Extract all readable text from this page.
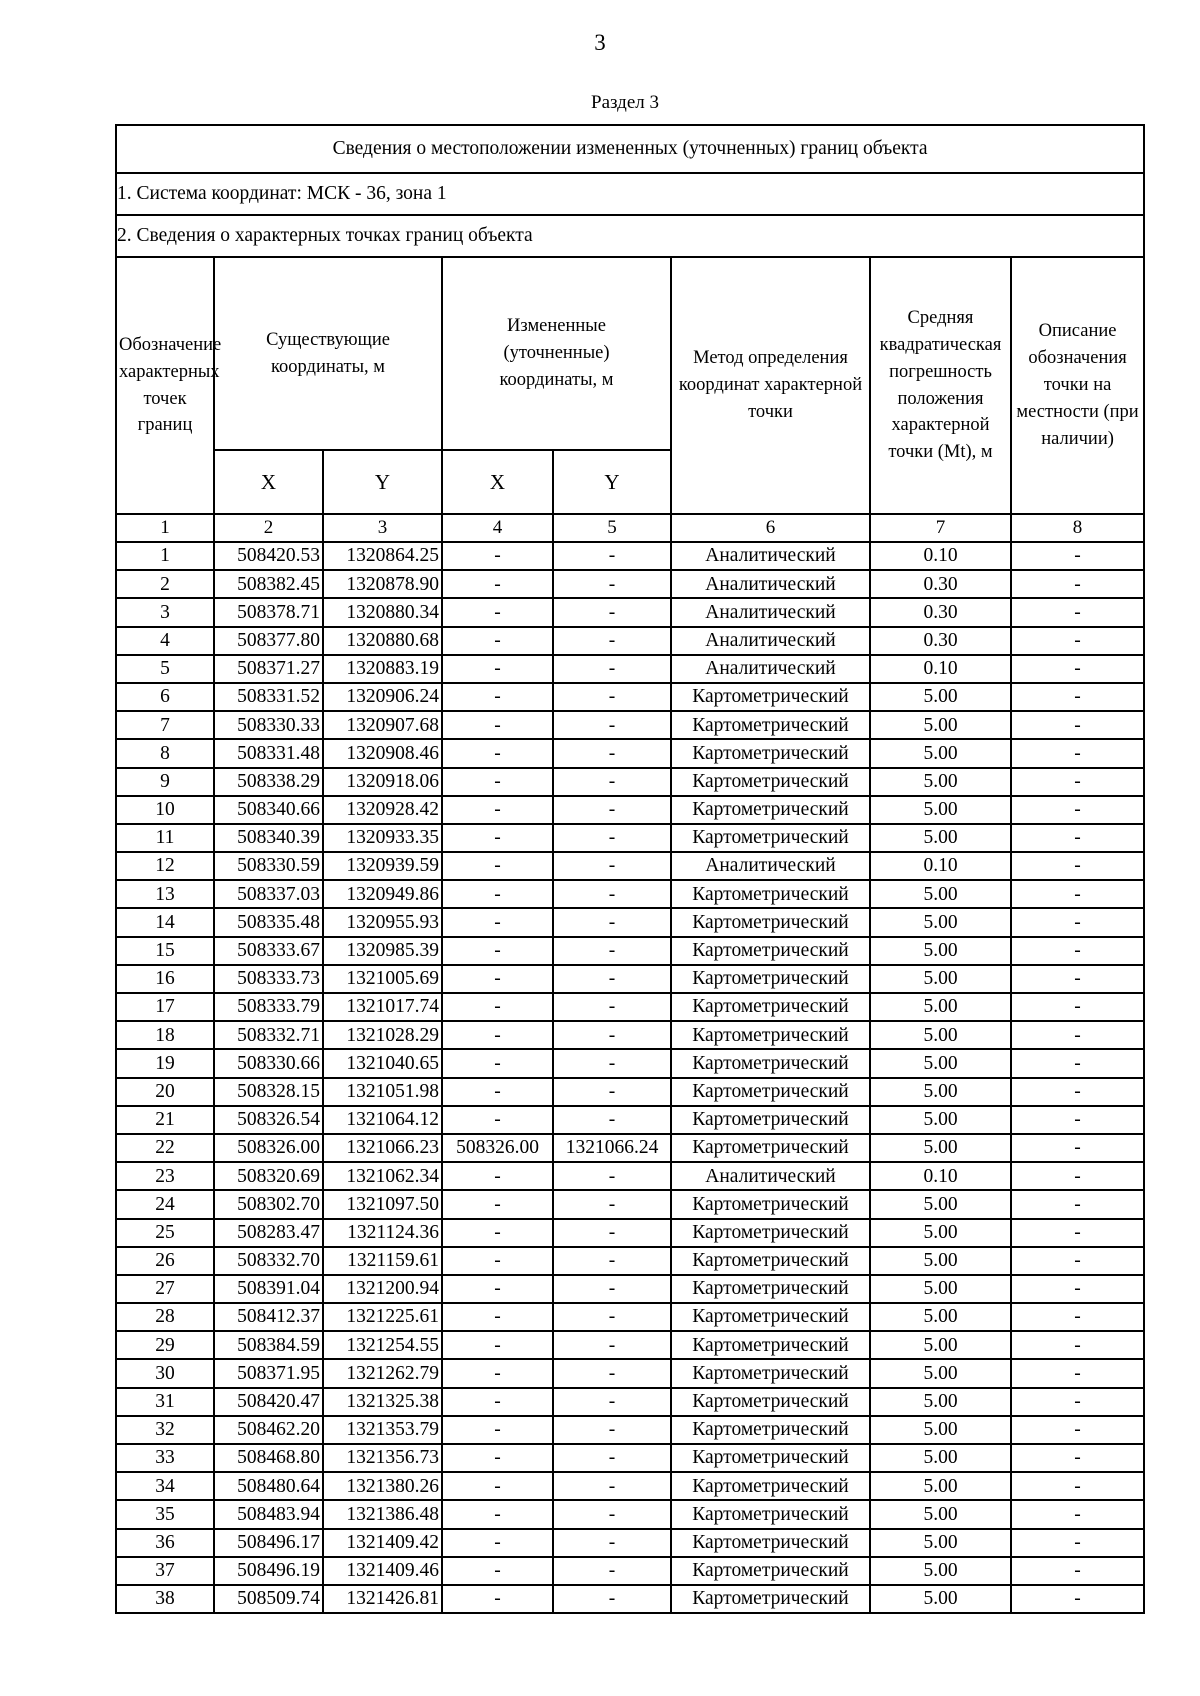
3
Раздел 3
Сведения о местоположении измененных (уточненных) границ объекта							
1. Система координат: МСК - 36, зона 1							
2. Сведения о характерных точках границ объекта							

Обозначение характерных точек границ	Существующие координаты, м		Измененные (уточненные) координаты, м		Метод определения координат характерной точки	Средняя квадратическая погрешность положения характерной точки (Mt), м	Описание обозначения точки на местности (при наличии)

	X	Y	X	Y			
1	2	3	4	5	6	7	8
1	508420.53	1320864.25	-	-	Аналитический	0.10	-
2	508382.45	1320878.90	-	-	Аналитический	0.30	-
3	508378.71	1320880.34	-	-	Аналитический	0.30	-
4	508377.80	1320880.68	-	-	Аналитический	0.30	-
5	508371.27	1320883.19	-	-	Аналитический	0.10	-
6	508331.52	1320906.24	-	-	Картометрический	5.00	-
7	508330.33	1320907.68	-	-	Картометрический	5.00	-
8	508331.48	1320908.46	-	-	Картометрический	5.00	-
9	508338.29	1320918.06	-	-	Картометрический	5.00	-
10	508340.66	1320928.42	-	-	Картометрический	5.00	-
11	508340.39	1320933.35	-	-	Картометрический	5.00	-
12	508330.59	1320939.59	-	-	Аналитический	0.10	-
13	508337.03	1320949.86	-	-	Картометрический	5.00	-
14	508335.48	1320955.93	-	-	Картометрический	5.00	-
15	508333.67	1320985.39	-	-	Картометрический	5.00	-
16	508333.73	1321005.69	-	-	Картометрический	5.00	-
17	508333.79	1321017.74	-	-	Картометрический	5.00	-
18	508332.71	1321028.29	-	-	Картометрический	5.00	-
19	508330.66	1321040.65	-	-	Картометрический	5.00	-
20	508328.15	1321051.98	-	-	Картометрический	5.00	-
21	508326.54	1321064.12	-	-	Картометрический	5.00	-
22	508326.00	1321066.23	508326.00	1321066.24	Картометрический	5.00	-
23	508320.69	1321062.34	-	-	Аналитический	0.10	-
24	508302.70	1321097.50	-	-	Картометрический	5.00	-
25	508283.47	1321124.36	-	-	Картометрический	5.00	-
26	508332.70	1321159.61	-	-	Картометрический	5.00	-
27	508391.04	1321200.94	-	-	Картометрический	5.00	-
28	508412.37	1321225.61	-	-	Картометрический	5.00	-
29	508384.59	1321254.55	-	-	Картометрический	5.00	-
30	508371.95	1321262.79	-	-	Картометрический	5.00	-
31	508420.47	1321325.38	-	-	Картометрический	5.00	-
32	508462.20	1321353.79	-	-	Картометрический	5.00	-
33	508468.80	1321356.73	-	-	Картометрический	5.00	-
34	508480.64	1321380.26	-	-	Картометрический	5.00	-
35	508483.94	1321386.48	-	-	Картометрический	5.00	-
36	508496.17	1321409.42	-	-	Картометрический	5.00	-
37	508496.19	1321409.46	-	-	Картометрический	5.00	-
38	508509.74	1321426.81	-	-	Картометрический	5.00	-
